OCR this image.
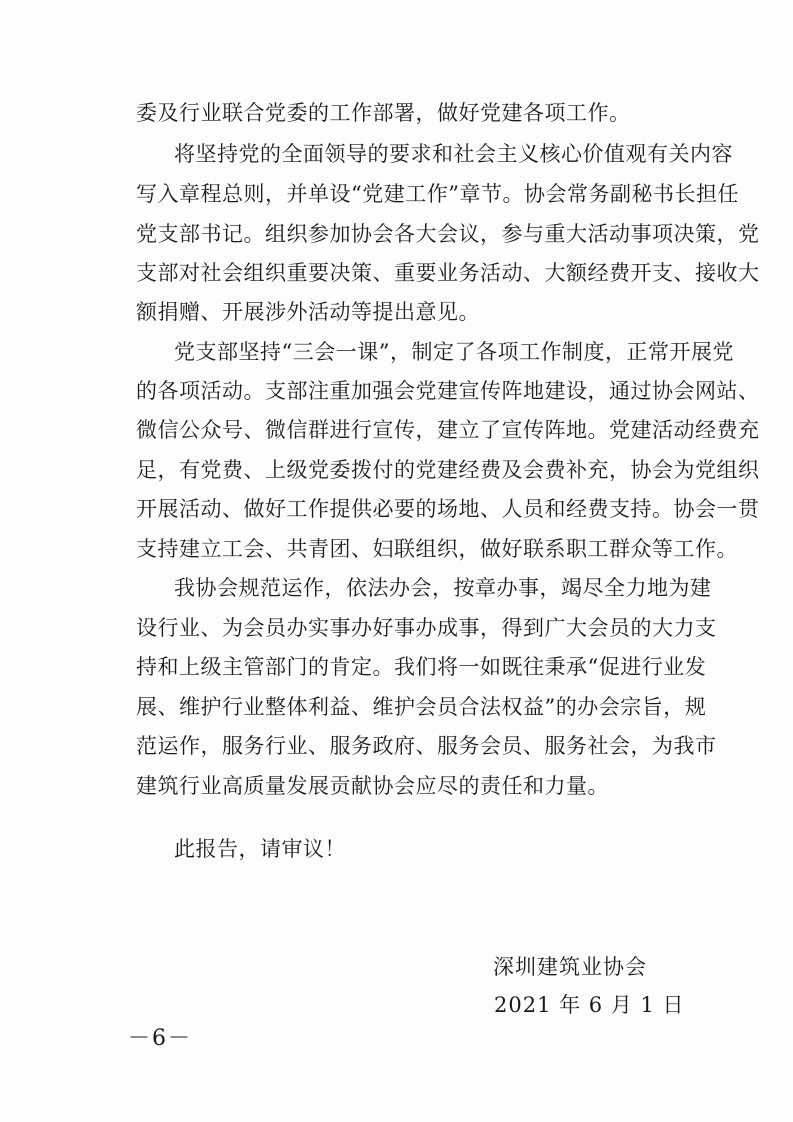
委及行业联合党委的工作部署，做好党建各项工作。
将坚持党的全面领导的要求和社会主义核心价值观有关内容
写入章程总则，并单设“党建工作”章节。协会常务副秘书长担任
党支部书记。组织参加协会各大会议，参与重大活动事项决策，党
支部对社会组织重要决策、重要业务活动、大额经费开支、接收大
额捐赠、开展涉外活动等提出意见。
党支部坚持“三会一课”，制定了各项工作制度，正常开展党
的各项活动。支部注重加强会党建宣传阵地建设，通过协会网站、
微信公众号、微信群进行宣传，建立了宣传阵地。党建活动经费充
足，有党费、上级党委拨付的党建经费及会费补充，协会为党组织
开展活动、做好工作提供必要的场地、人员和经费支持。协会一贯
支持建立工会、共青团、妇联组织，做好联系职工群众等工作。
我协会规范运作，依法办会，按章办事，竭尽全力地为建
设行业、为会员办实事办好事办成事，得到广大会员的大力支
持和上级主管部门的肯定。我们将一如既往秉承“促进行业发
展、维护行业整体利益、维护会员合法权益”的办会宗旨，规
范运作，服务行业、服务政府、服务会员、服务社会，为我市
建筑行业高质量发展贡献协会应尽的责任和力量。
此报告，请审议！
深圳建筑业协会
2021 年 6 月 1 日
－6－
